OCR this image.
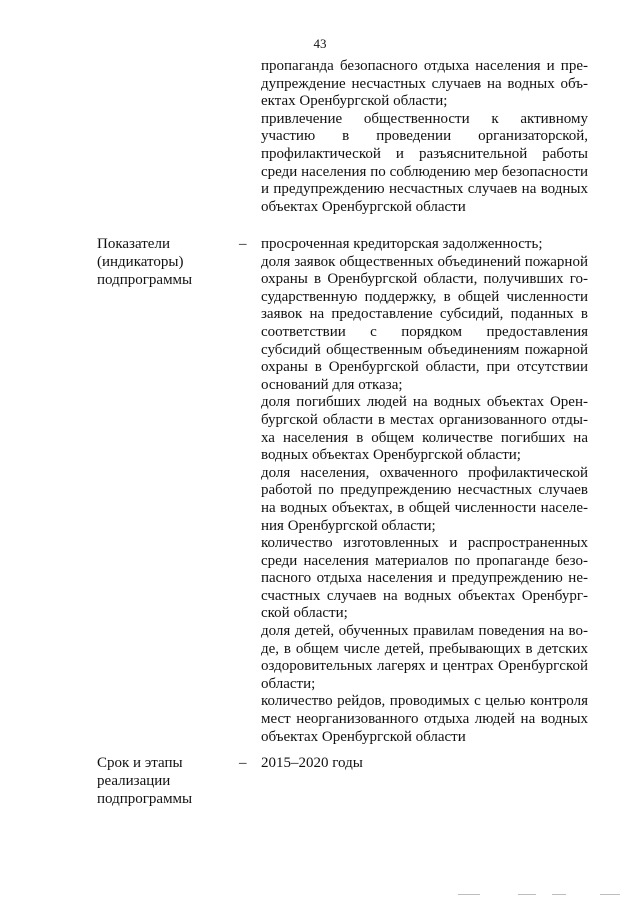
43

пропаганда безопасного отдыха населения и предупреждение несчастных случаев на водных объектах Оренбургской области;

привлечение общественности к активному участию в проведении организаторской, профилактической и разъяснительной работы среди населения по соблюдению мер безопасности и предупреждению несчастных случаев на водных объектах Оренбургской области

Показатели
(индикаторы)
подпрограммы
– просроченная кредиторская задолженность;

доля заявок общественных объединений пожарной охраны в Оренбургской области, получивших государственную поддержку, в общей численности заявок на предоставление субсидий, поданных в соответствии с порядком предоставления субсидий общественным объединениям пожарной охраны в Оренбургской области, при отсутствии оснований для отказа;

доля погибших людей на водных объектах Оренбургской области в местах организованного отдыха населения в общем количестве погибших на водных объектах Оренбургской области;

доля населения, охваченного профилактической работой по предупреждению несчастных случаев на водных объектах, в общей численности населения Оренбургской области;

количество изготовленных и распространенных среди населения материалов по пропаганде безопасного отдыха населения и предупреждению несчастных случаев на водных объектах Оренбургской области;

доля детей, обученных правилам поведения на воде, в общем числе детей, пребывающих в детских оздоровительных лагерях и центрах Оренбургской области;

количество рейдов, проводимых с целью контроля мест неорганизованного отдыха людей на водных объектах Оренбургской области

Срок и этапы
реализации
подпрограммы
– 2015–2020 годы
